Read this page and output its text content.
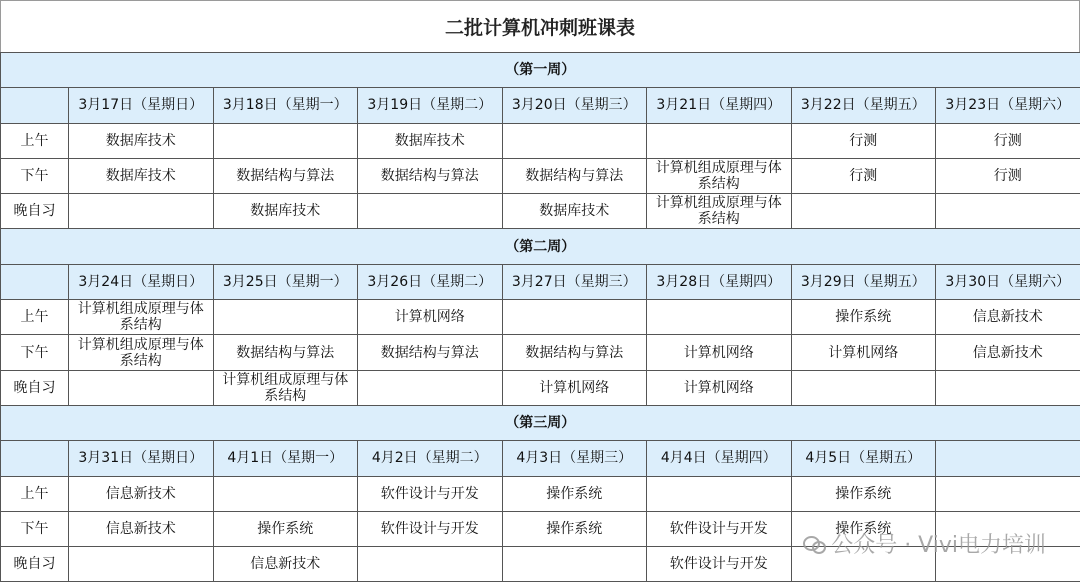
二批计算机冲刺班课表
（第一周）							
	3月17日（星期日）	3月18日（星期一）	3月19日（星期二）	3月20日（星期三）	3月21日（星期四）	3月22日（星期五）	3月23日（星期六）
上午	数据库技术		数据库技术			行测	行测
下午	数据库技术	数据结构与算法	数据结构与算法	数据结构与算法	计算机组成原理与体系结构	行测	行测
晚自习		数据库技术		数据库技术	计算机组成原理与体系结构		
（第二周）							
	3月24日（星期日）	3月25日（星期一）	3月26日（星期二）	3月27日（星期三）	3月28日（星期四）	3月29日（星期五）	3月30日（星期六）
上午	计算机组成原理与体系结构		计算机网络			操作系统	信息新技术
下午	计算机组成原理与体系结构	数据结构与算法	数据结构与算法	数据结构与算法	计算机网络	计算机网络	信息新技术
晚自习		计算机组成原理与体系结构		计算机网络	计算机网络		
（第三周）							
	3月31日（星期日）	4月1日（星期一）	4月2日（星期二）	4月3日（星期三）	4月4日（星期四）	4月5日（星期五）	
上午	信息新技术		软件设计与开发	操作系统		操作系统	
下午	信息新技术	操作系统	软件设计与开发	操作系统	软件设计与开发	操作系统	
晚自习		信息新技术			软件设计与开发		
公众号 · Vivi电力培训
